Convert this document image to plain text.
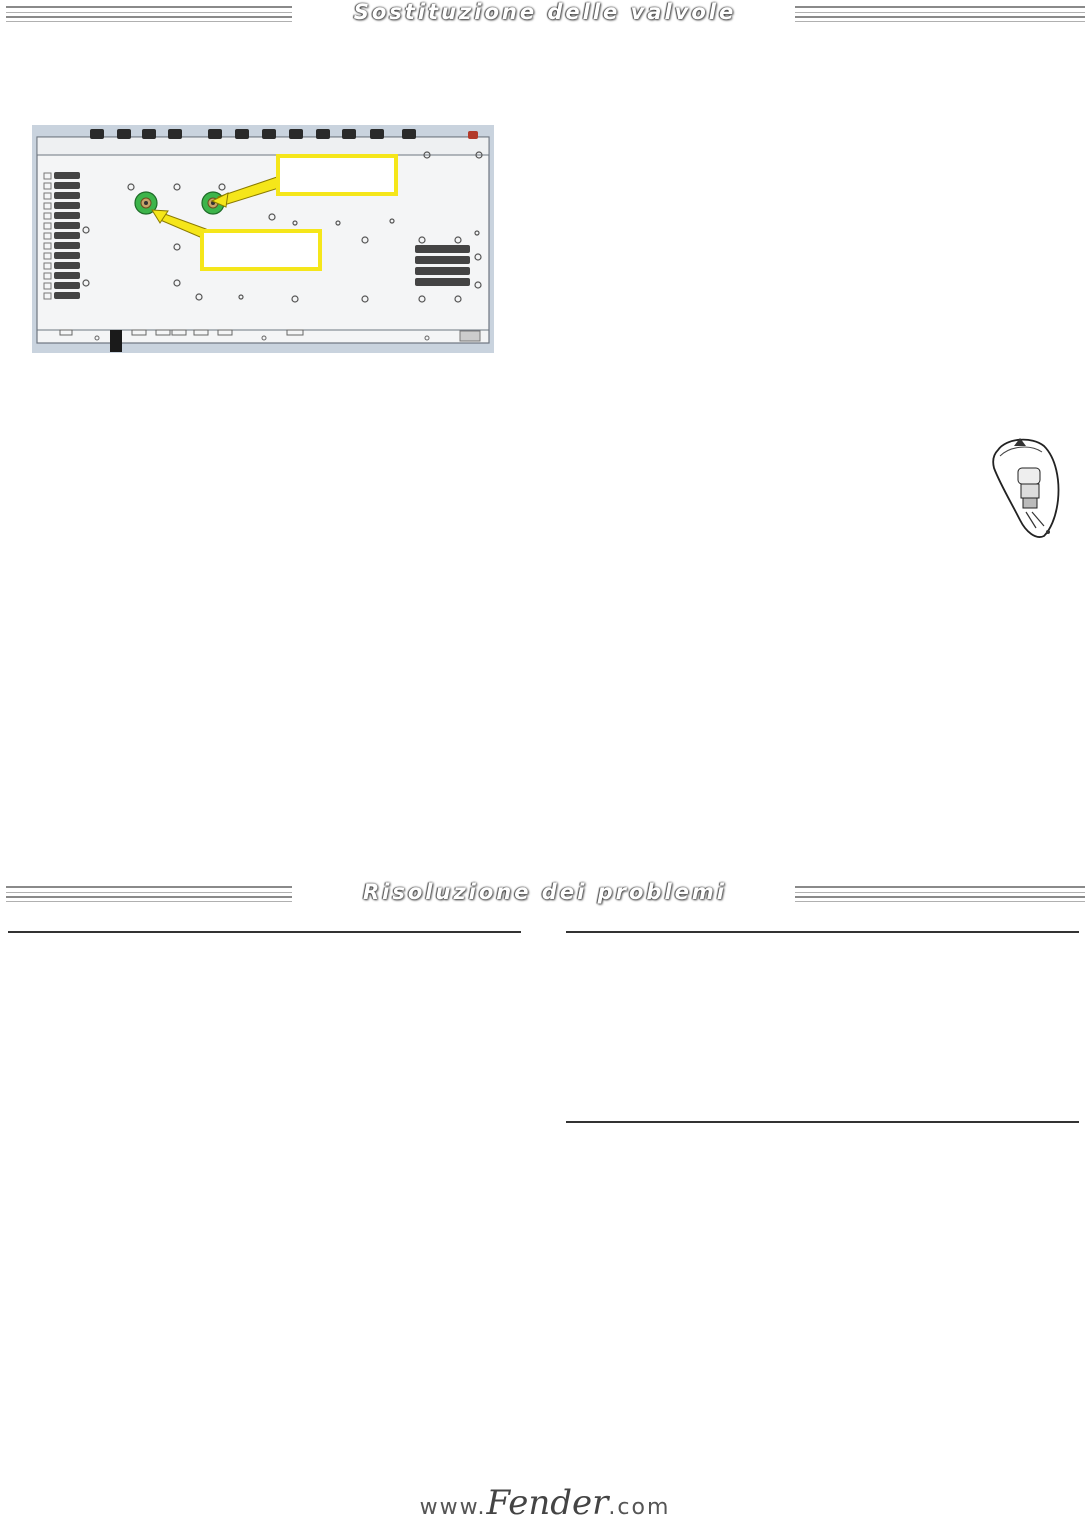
Sostituzione delle valvole
Risoluzione dei problemi
www.Fender.com
